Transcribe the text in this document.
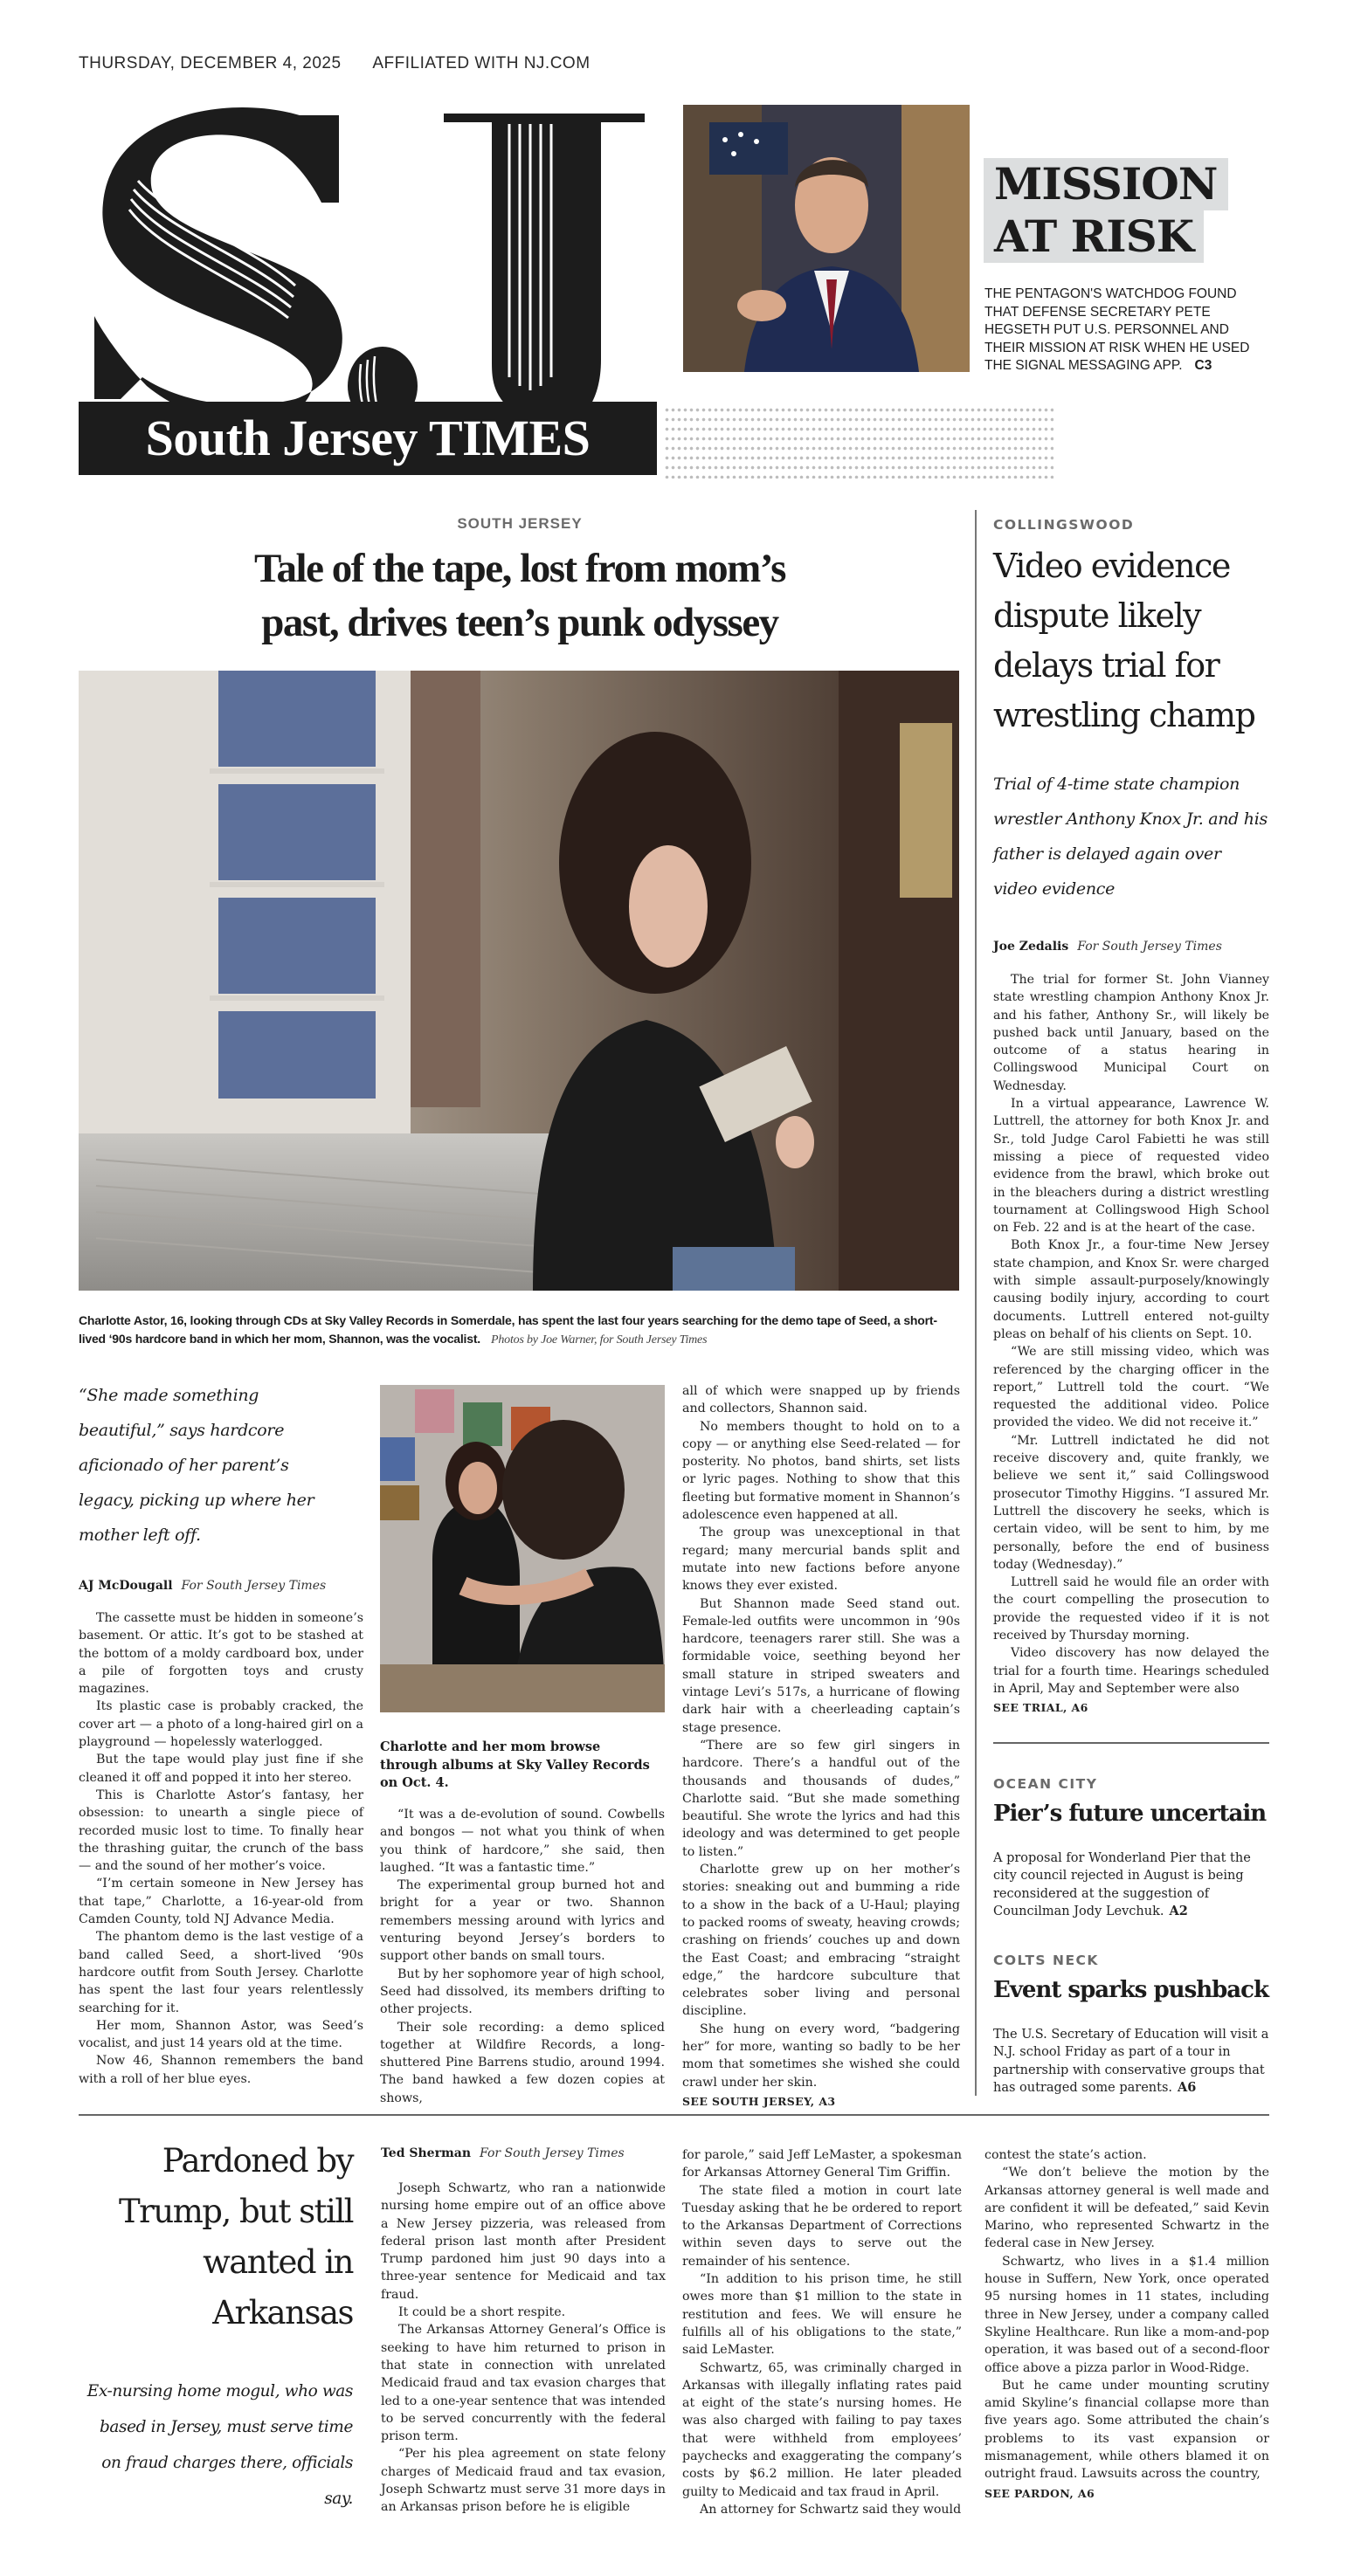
THURSDAY, DECEMBER 4, 2025 AFFILIATED WITH NJ.COM
South Jersey TIMES
MISSION
AT RISK
THE PENTAGON'S WATCHDOG FOUND THAT DEFENSE SECRETARY PETE HEGSETH PUT U.S. PERSONNEL AND THEIR MISSION AT RISK WHEN HE USED THE SIGNAL MESSAGING APP. C3
SOUTH JERSEY
Tale of the tape, lost from mom’s
past, drives teen’s punk odyssey
Charlotte Astor, 16, looking through CDs at Sky Valley Records in Somerdale, has spent the last four years searching for the demo tape of Seed, a short-lived ‘90s hardcore band in which her mom, Shannon, was the vocalist. Photos by Joe Warner, for South Jersey Times
“She made something beautiful,” says hardcore aficionado of her parent’s legacy, picking up where her mother left off.
AJ McDougall For South Jersey Times

The cassette must be hidden in someone’s basement. Or attic. It’s got to be stashed at the bottom of a moldy cardboard box, under a pile of forgotten toys and crusty magazines.

Its plastic case is probably cracked, the cover art — a photo of a long-haired girl on a playground — hopelessly waterlogged.

But the tape would play just fine if she cleaned it off and popped it into her stereo.

This is Charlotte Astor’s fantasy, her obsession: to unearth a single piece of recorded music lost to time. To finally hear the thrashing guitar, the crunch of the bass — and the sound of her mother’s voice.

“I’m certain someone in New Jersey has that tape,” Charlotte, a 16-year-old from Camden County, told NJ Advance Media.

The phantom demo is the last vestige of a band called Seed, a short-lived ‘90s hardcore outfit from South Jersey. Charlotte has spent the last four years relentlessly searching for it.

Her mom, Shannon Astor, was Seed’s vocalist, and just 14 years old at the time.

Now 46, Shannon remembers the band with a roll of her blue eyes.

Charlotte and her mom browse through albums at Sky Valley Records on Oct. 4.

“It was a de-evolution of sound. Cowbells and bongos — not what you think of when you think of hardcore,” she said, then laughed. “It was a fantastic time.”

The experimental group burned hot and bright for a year or two. Shannon remembers messing around with lyrics and venturing beyond Jersey’s borders to support other bands on small tours.

But by her sophomore year of high school, Seed had dissolved, its members drifting to other projects.

Their sole recording: a demo spliced together at Wildfire Records, a long-shuttered Pine Barrens studio, around 1994. The band hawked a few dozen copies at shows,

all of which were snapped up by friends and collectors, Shannon said.

No members thought to hold on to a copy — or anything else Seed-related — for posterity. No photos, band shirts, set lists or lyric pages. Nothing to show that this fleeting but formative moment in Shannon’s adolescence even happened at all.

The group was unexceptional in that regard; many mercurial bands split and mutate into new factions before anyone knows they ever existed.

But Shannon made Seed stand out. Female-led outfits were uncommon in ’90s hardcore, teenagers rarer still. She was a formidable voice, seething beyond her small stature in striped sweaters and vintage Levi’s 517s, a hurricane of flowing dark hair with a cheerleading captain’s stage presence.

“There are so few girl singers in hardcore. There’s a handful out of the thousands and thousands of dudes,” Charlotte said. “But she made something beautiful. She wrote the lyrics and had this ideology and was determined to get people to listen.”

Charlotte grew up on her mother’s stories: sneaking out and bumming a ride to a show in the back of a U-Haul; playing to packed rooms of sweaty, heaving crowds; crashing on friends’ couches up and down the East Coast; and embracing “straight edge,” the hardcore subculture that celebrates sober living and personal discipline.

She hung on every word, “badgering her” for more, wanting so badly to be her mom that sometimes she wished she could crawl under her skin.

SEE SOUTH JERSEY, A3
COLLINGSWOOD
Video evidence dispute likely delays trial for wrestling champ
Trial of 4-time state champion wrestler Anthony Knox Jr. and his father is delayed again over video evidence
Joe Zedalis For South Jersey Times

The trial for former St. John Vianney state wrestling champion Anthony Knox Jr. and his father, Anthony Sr., will likely be pushed back until January, based on the outcome of a status hearing in Collingswood Municipal Court on Wednesday.

In a virtual appearance, Lawrence W. Luttrell, the attorney for both Knox Jr. and Sr., told Judge Carol Fabietti he was still missing a piece of requested video evidence from the brawl, which broke out in the bleachers during a district wrestling tournament at Collingswood High School on Feb. 22 and is at the heart of the case.

Both Knox Jr., a four-time New Jersey state champion, and Knox Sr. were charged with simple assault-purposely/knowingly causing bodily injury, according to court documents. Luttrell entered not-guilty pleas on behalf of his clients on Sept. 10.

“We are still missing video, which was referenced by the charging officer in the report,” Luttrell told the court. “We requested the additional video. Police provided the video. We did not receive it.”

“Mr. Luttrell indictated he did not receive discovery and, quite frankly, we believe we sent it,” said Collingswood prosecutor Timothy Higgins. “I assured Mr. Luttrell the discovery he seeks, which is certain video, will be sent to him, by me personally, before the end of business today (Wednesday).”

Luttrell said he would file an order with the court compelling the prosecution to provide the requested video if it is not received by Thursday morning.

Video discovery has now delayed the trial for a fourth time. Hearings scheduled in April, May and September were also

SEE TRIAL, A6
OCEAN CITY
Pier’s future uncertain
A proposal for Wonderland Pier that the city council rejected in August is being reconsidered at the suggestion of Councilman Jody Levchuk. A2
COLTS NECK
Event sparks pushback
The U.S. Secretary of Education will visit a N.J. school Friday as part of a tour in partnership with conservative groups that has outraged some parents. A6
Pardoned by Trump, but still wanted in Arkansas
Ex-nursing home mogul, who was based in Jersey, must serve time on fraud charges there, officials say.
Ted Sherman For South Jersey Times

Joseph Schwartz, who ran a nationwide nursing home empire out of an office above a New Jersey pizzeria, was released from federal prison last month after President Trump pardoned him just 90 days into a three-year sentence for Medicaid and tax fraud.

It could be a short respite.

The Arkansas Attorney General’s Office is seeking to have him returned to prison in that state in connection with unrelated Medicaid fraud and tax evasion charges that led to a one-year sentence that was intended to be served concurrently with the federal prison term.

“Per his plea agreement on state felony charges of Medicaid fraud and tax evasion, Joseph Schwartz must serve 31 more days in an Arkansas prison before he is eligible

for parole,” said Jeff LeMaster, a spokesman for Arkansas Attorney General Tim Griffin.

The state filed a motion in court late Tuesday asking that he be ordered to report to the Arkansas Department of Corrections within seven days to serve out the remainder of his sentence.

“In addition to his prison time, he still owes more than $1 million to the state in restitution and fees. We will ensure he fulfills all of his obligations to the state,” said LeMaster.

Schwartz, 65, was criminally charged in Arkansas with illegally inflating rates paid at eight of the state’s nursing homes. He was also charged with failing to pay taxes that were withheld from employees’ paychecks and exaggerating the company’s costs by $6.2 million. He later pleaded guilty to Medicaid and tax fraud in April.

An attorney for Schwartz said they would

contest the state’s action.

“We don’t believe the motion by the Arkansas attorney general is well made and are confident it will be defeated,” said Kevin Marino, who represented Schwartz in the federal case in New Jersey.

Schwartz, who lives in a $1.4 million house in Suffern, New York, once operated 95 nursing homes in 11 states, including three in New Jersey, under a company called Skyline Healthcare. Run like a mom-and-pop operation, it was based out of a second-floor office above a pizza parlor in Wood-Ridge.

But he came under mounting scrutiny amid Skyline’s financial collapse more than five years ago. Some attributed the chain’s problems to its vast expansion or mismanagement, while others blamed it on outright fraud. Lawsuits across the country,

SEE PARDON, A6
